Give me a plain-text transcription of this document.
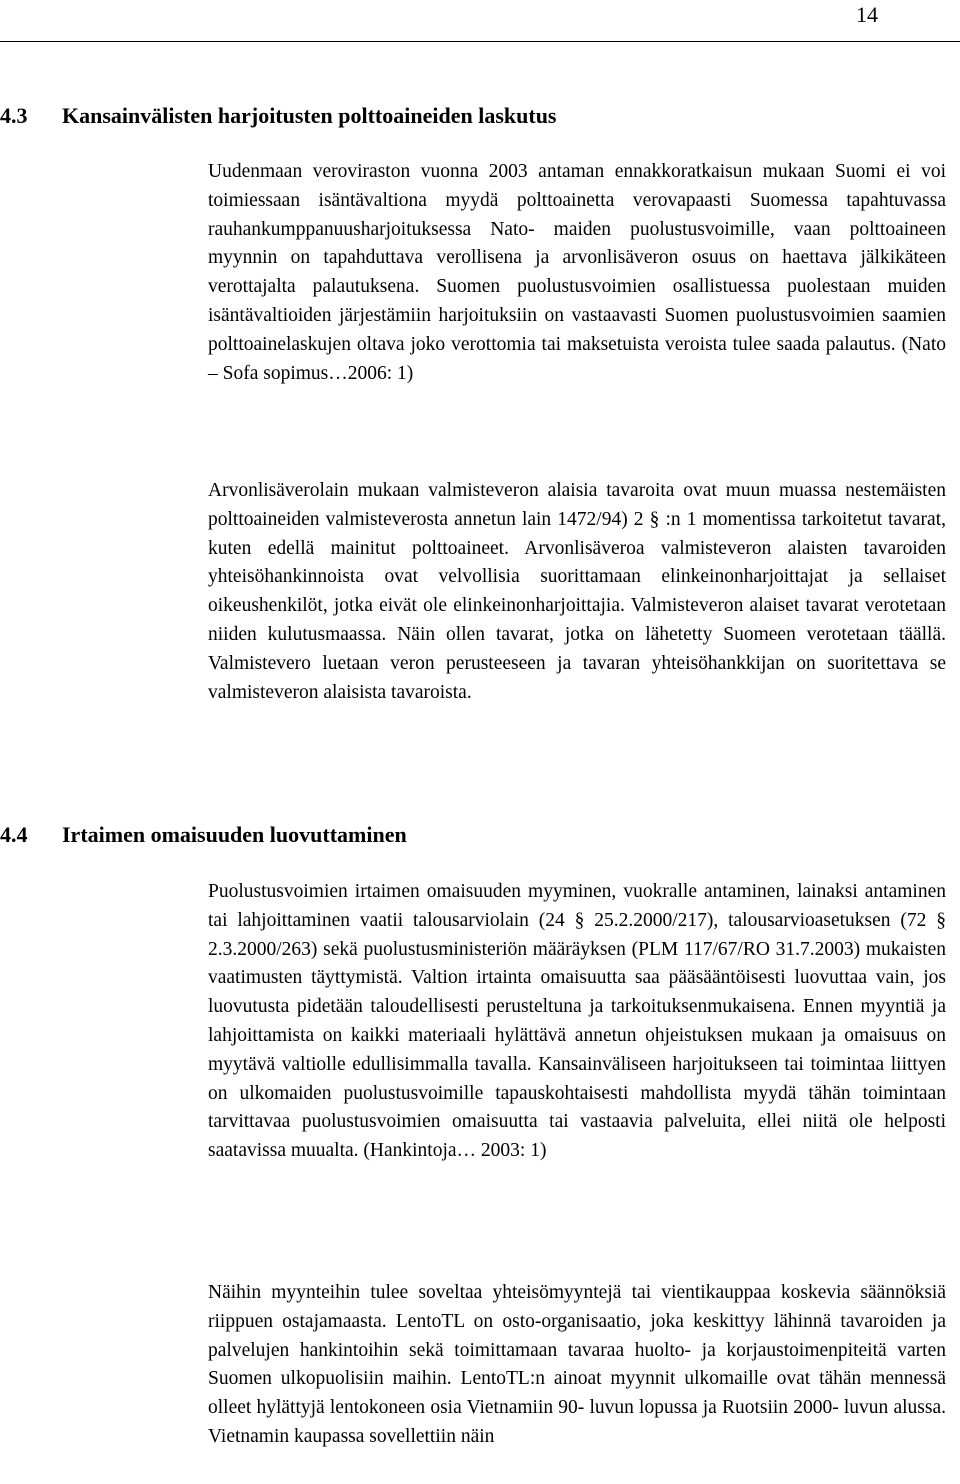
14
4.3 Kansainvälisten harjoitusten polttoaineiden laskutus

Uudenmaan veroviraston vuonna 2003 antaman ennakkoratkaisun mukaan Suomi ei voi toimiessaan isäntävaltiona myydä polttoainetta verovapaasti Suomessa tapahtuvassa rauhankumppanuusharjoituksessa Nato- maiden puolustusvoimille, vaan polttoaineen myynnin on tapahduttava verollisena ja arvonlisäveron osuus on haettava jälkikäteen verottajalta palautuksena. Suomen puolustusvoimien osallistuessa puolestaan muiden isäntävaltioiden järjestämiin harjoituksiin on vastaavasti Suomen puolustusvoimien saamien polttoainelaskujen oltava joko verottomia tai maksetuista veroista tulee saada palautus. (Nato – Sofa sopimus…2006: 1)

Arvonlisäverolain mukaan valmisteveron alaisia tavaroita ovat muun muassa nestemäisten polttoaineiden valmisteverosta annetun lain 1472/94) 2 § :n 1 momentissa tarkoitetut tavarat, kuten edellä mainitut polttoaineet. Arvonlisäveroa valmisteveron alaisten tavaroiden yhteisöhankinnoista ovat velvollisia suorittamaan elinkeinonharjoittajat ja sellaiset oikeushenkilöt, jotka eivät ole elinkeinonharjoittajia. Valmisteveron alaiset tavarat verotetaan niiden kulutusmaassa. Näin ollen tavarat, jotka on lähetetty Suomeen verotetaan täällä. Valmistevero luetaan veron perusteeseen ja tavaran yhteisöhankkijan on suoritettava se valmisteveron alaisista tavaroista.

4.4 Irtaimen omaisuuden luovuttaminen

Puolustusvoimien irtaimen omaisuuden myyminen, vuokralle antaminen, lainaksi antaminen tai lahjoittaminen vaatii talousarviolain (24 § 25.2.2000/217), talousarvioasetuksen (72 § 2.3.2000/263) sekä puolustusministeriön määräyksen (PLM 117/67/RO 31.7.2003) mukaisten vaatimusten täyttymistä. Valtion irtainta omaisuutta saa pääsääntöisesti luovuttaa vain, jos luovutusta pidetään taloudellisesti perusteltuna ja tarkoituksenmukaisena. Ennen myyntiä ja lahjoittamista on kaikki materiaali hylättävä annetun ohjeistuksen mukaan ja omaisuus on myytävä valtiolle edullisimmalla tavalla. Kansainväliseen harjoitukseen tai toimintaa liittyen on ulkomaiden puolustusvoimille tapauskohtaisesti mahdollista myydä tähän toimintaan tarvittavaa puolustusvoimien omaisuutta tai vastaavia palveluita, ellei niitä ole helposti saatavissa muualta. (Hankintoja… 2003: 1)

Näihin myynteihin tulee soveltaa yhteisömyyntejä tai vientikauppaa koskevia säännöksiä riippuen ostajamaasta. LentoTL on osto-organisaatio, joka keskittyy lähinnä tavaroiden ja palvelujen hankintoihin sekä toimittamaan tavaraa huolto- ja korjaustoimenpiteitä varten Suomen ulkopuolisiin maihin. LentoTL:n ainoat myynnit ulkomaille ovat tähän mennessä olleet hylättyjä lentokoneen osia Vietnamiin 90- luvun lopussa ja Ruotsiin 2000- luvun alussa. Vietnamin kaupassa sovellettiin näin
